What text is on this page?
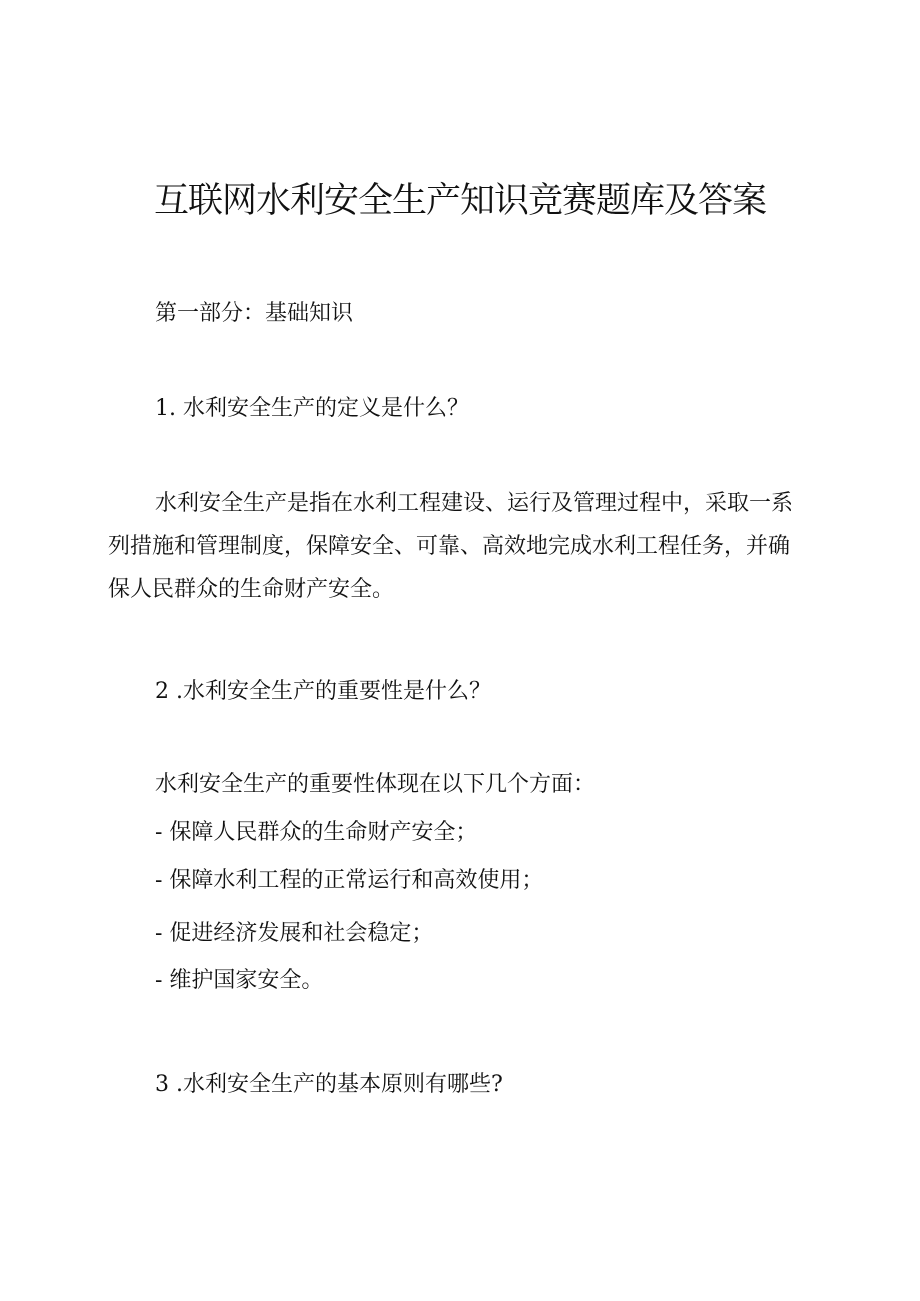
互联网水利安全生产知识竞赛题库及答案
第一部分：基础知识
1. 水利安全生产的定义是什么？
水利安全生产是指在水利工程建设、运行及管理过程中，采取一系列措施和管理制度，保障安全、可靠、高效地完成水利工程任务，并确保人民群众的生命财产安全。
2 .水利安全生产的重要性是什么？
水利安全生产的重要性体现在以下几个方面：
- 保障人民群众的生命财产安全；
- 保障水利工程的正常运行和高效使用；
- 促进经济发展和社会稳定；
- 维护国家安全。
3 .水利安全生产的基本原则有哪些?
